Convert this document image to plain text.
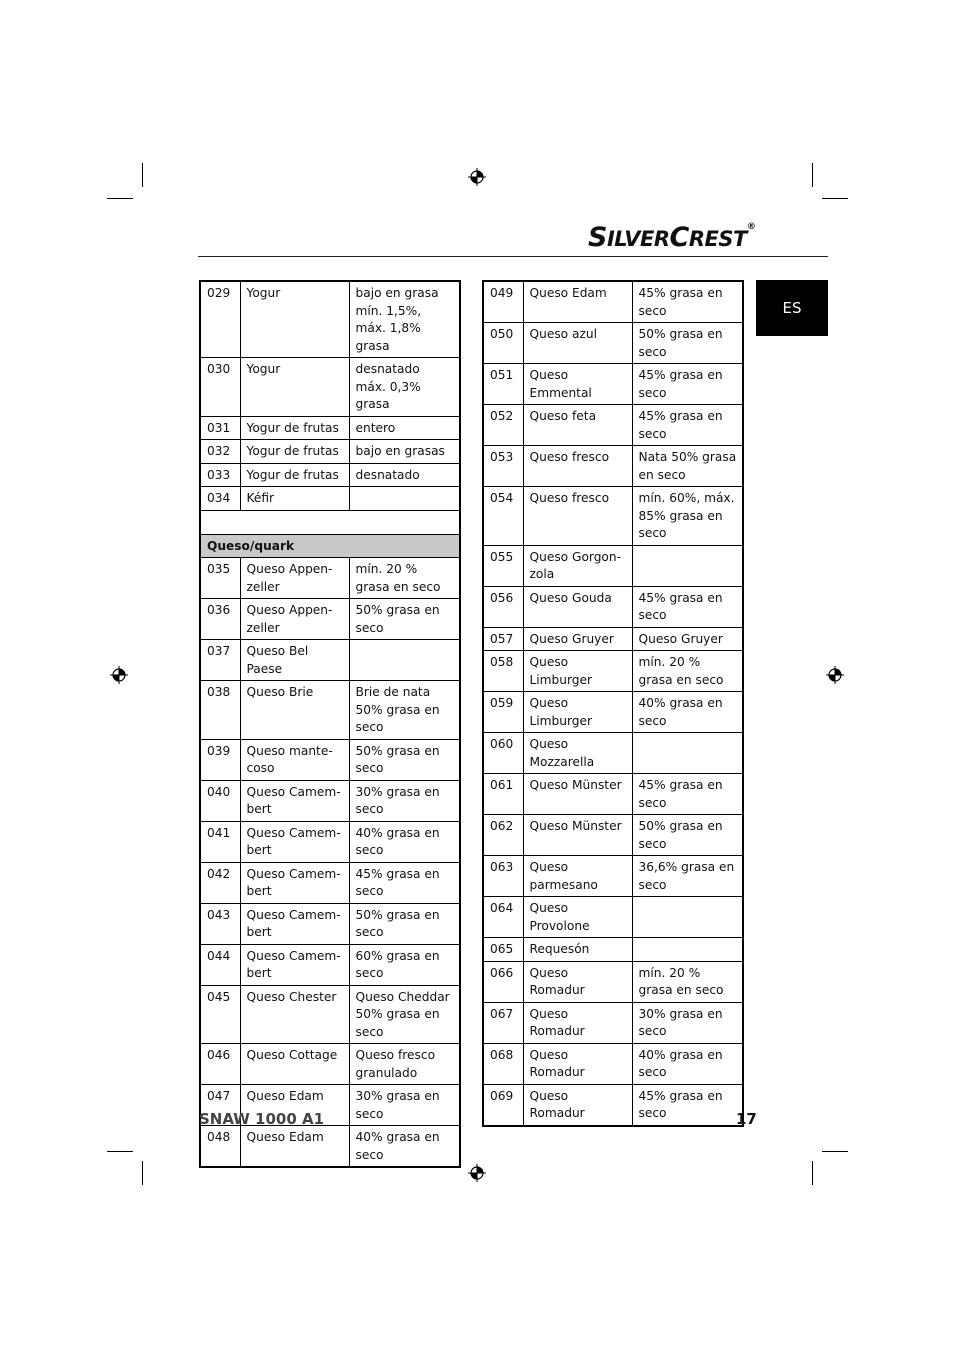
SILVERCREST®
ES
029	Yogur	bajo en grasa mín. 1,5%, máx. 1,8% grasa
030	Yogur	desnatado máx. 0,3% grasa
031	Yogur de frutas	entero
032	Yogur de frutas	bajo en grasas
033	Yogur de frutas	desnatado
034	Kéfir	

Queso/quark		
035	Queso Appen- zeller	mín. 20 % grasa en seco
036	Queso Appen- zeller	50% grasa en seco
037	Queso Bel Paese	
038	Queso Brie	Brie de nata 50% grasa en seco
039	Queso mante- coso	50% grasa en seco
040	Queso Camem- bert	30% grasa en seco
041	Queso Camem- bert	40% grasa en seco
042	Queso Camem- bert	45% grasa en seco
043	Queso Camem- bert	50% grasa en seco
044	Queso Camem- bert	60% grasa en seco
045	Queso Chester	Queso Cheddar 50% grasa en seco
046	Queso Cottage	Queso fresco granulado
047	Queso Edam	30% grasa en seco
048	Queso Edam	40% grasa en seco
049	Queso Edam	45% grasa en seco
050	Queso azul	50% grasa en seco
051	Queso Emmental	45% grasa en seco
052	Queso feta	45% grasa en seco
053	Queso fresco	Nata 50% grasa en seco
054	Queso fresco	mín. 60%, máx. 85% grasa en seco
055	Queso Gorgon- zola	
056	Queso Gouda	45% grasa en seco
057	Queso Gruyer	Queso Gruyer
058	Queso Limburger	mín. 20 % grasa en seco
059	Queso Limburger	40% grasa en seco
060	Queso Mozzarella	
061	Queso Münster	45% grasa en seco
062	Queso Münster	50% grasa en seco
063	Queso parmesano	36,6% grasa en seco
064	Queso Provolone	
065	Requesón	
066	Queso Romadur	mín. 20 % grasa en seco
067	Queso Romadur	30% grasa en seco
068	Queso Romadur	40% grasa en seco
069	Queso Romadur	45% grasa en seco
SNAW 1000 A1	17
